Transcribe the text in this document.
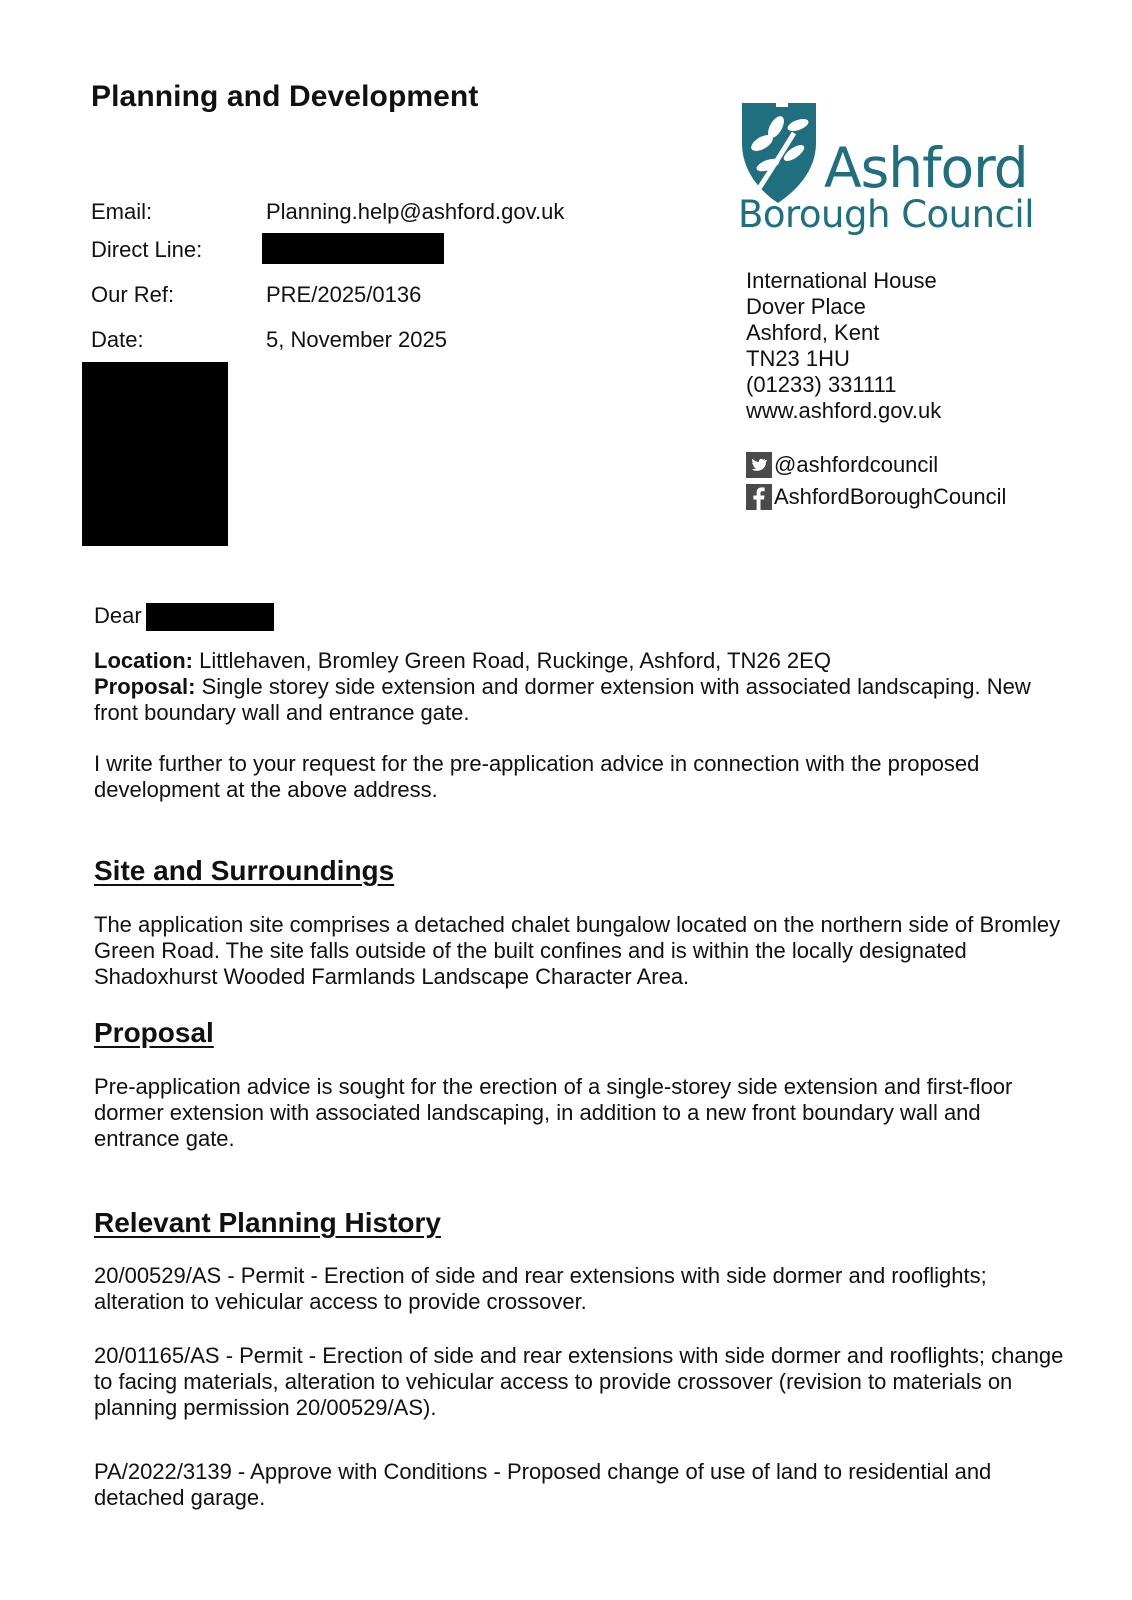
Planning and Development
Email:	Planning.help@ashford.gov.uk
Direct Line:
Our Ref:	PRE/2025/0136
Date:	5, November 2025
Ashford
Borough Council
International House
Dover Place
Ashford, Kent
TN23 1HU
(01233) 331111
www.ashford.gov.uk
@ashfordcouncil
AshfordBoroughCouncil
Dear

Location: Littlehaven, Bromley Green Road, Ruckinge, Ashford, TN26 2EQ

Proposal: Single storey side extension and dormer extension with associated landscaping. New front boundary wall and entrance gate.

I write further to your request for the pre-application advice in connection with the proposed development at the above address.
Site and Surroundings
The application site comprises a detached chalet bungalow located on the northern side of Bromley Green Road. The site falls outside of the built confines and is within the locally designated Shadoxhurst Wooded Farmlands Landscape Character Area.
Proposal
Pre-application advice is sought for the erection of a single-storey side extension and first-floor dormer extension with associated landscaping, in addition to a new front boundary wall and entrance gate.
Relevant Planning History
20/00529/AS - Permit - Erection of side and rear extensions with side dormer and rooflights; alteration to vehicular access to provide crossover.
20/01165/AS - Permit - Erection of side and rear extensions with side dormer and rooflights; change to facing materials, alteration to vehicular access to provide crossover (revision to materials on planning permission 20/00529/AS).
PA/2022/3139 - Approve with Conditions - Proposed change of use of land to residential and detached garage.
